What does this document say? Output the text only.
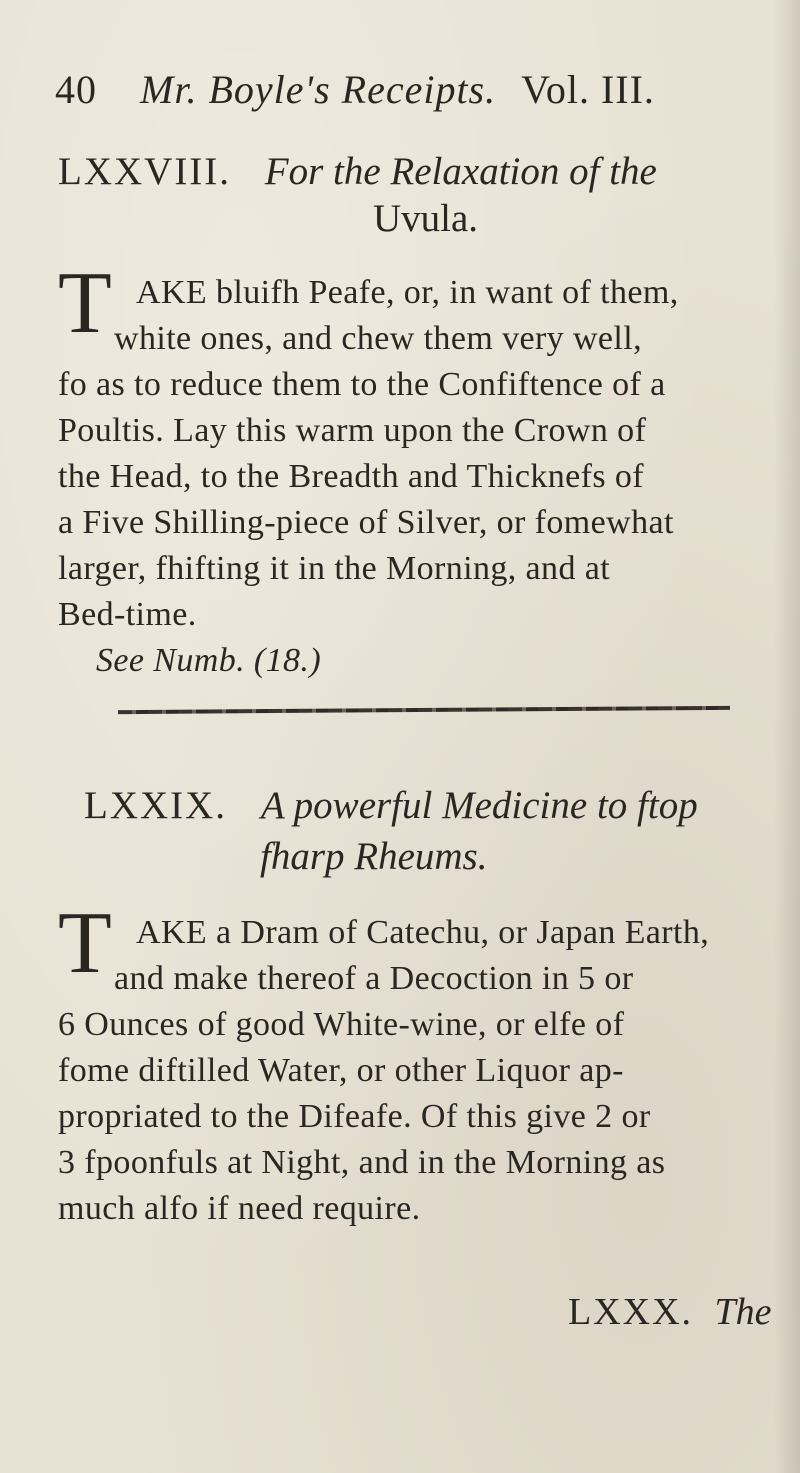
40 Mr. Boyle's Receipts. Vol. III.
LXXVIII. For the Relaxation of the
Uvula.
T AKE bluifh Peafe, or, in want of them,
white ones, and chew them very well,
fo as to reduce them to the Confiftence of a
Poultis. Lay this warm upon the Crown of
the Head, to the Breadth and Thicknefs of
a Five Shilling-piece of Silver, or fomewhat
larger, fhifting it in the Morning, and at
Bed-time.
See Numb. (18.)
LXXIX. A powerful Medicine to ftop
fharp Rheums.
T AKE a Dram of Catechu, or Japan Earth,
and make thereof a Decoction in 5 or
6 Ounces of good White-wine, or elfe of
fome diftilled Water, or other Liquor ap-
propriated to the Difeafe. Of this give 2 or
3 fpoonfuls at Night, and in the Morning as
much alfo if need require.
LXXX. The
